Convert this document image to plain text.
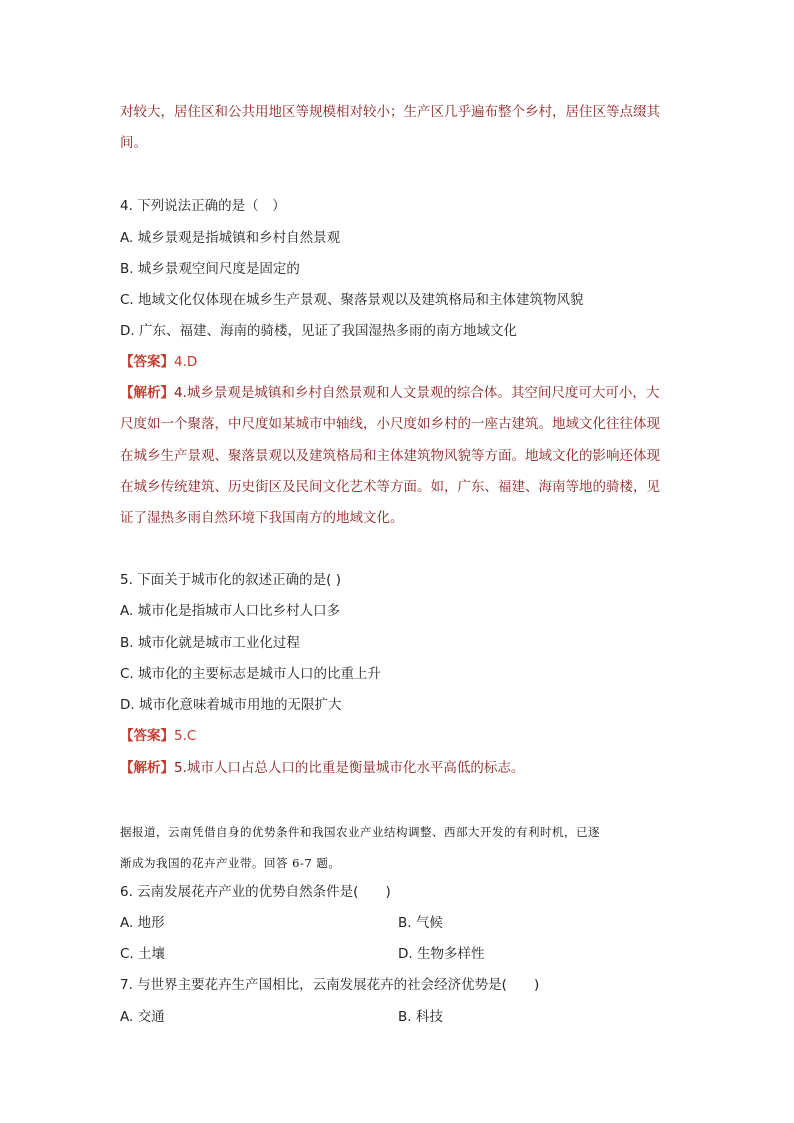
对较大，居住区和公共用地区等规模相对较小；生产区几乎遍布整个乡村，居住区等点缀其
间。
4. 下列说法正确的是（　）
A. 城乡景观是指城镇和乡村自然景观
B. 城乡景观空间尺度是固定的
C. 地域文化仅体现在城乡生产景观、聚落景观以及建筑格局和主体建筑物风貌
D. 广东、福建、海南的骑楼，见证了我国湿热多雨的南方地域文化
【答案】4.D
【解析】4.城乡景观是城镇和乡村自然景观和人文景观的综合体。其空间尺度可大可小，大
尺度如一个聚落，中尺度如某城市中轴线，小尺度如乡村的一座古建筑。地域文化往往体现
在城乡生产景观、聚落景观以及建筑格局和主体建筑物风貌等方面。地域文化的影响还体现
在城乡传统建筑、历史街区及民间文化艺术等方面。如，广东、福建、海南等地的骑楼，见
证了湿热多雨自然环境下我国南方的地域文化。
5. 下面关于城市化的叙述正确的是( )
A. 城市化是指城市人口比乡村人口多
B. 城市化就是城市工业化过程
C. 城市化的主要标志是城市人口的比重上升
D. 城市化意味着城市用地的无限扩大
【答案】5.C
【解析】5.城市人口占总人口的比重是衡量城市化水平高低的标志。
据报道，云南凭借自身的优势条件和我国农业产业结构调整、西部大开发的有利时机，已逐
渐成为我国的花卉产业带。回答 6-7 题。
6. 云南发展花卉产业的优势自然条件是(　　)
A. 地形	B. 气候
C. 土壤	D. 生物多样性
7. 与世界主要花卉生产国相比，云南发展花卉的社会经济优势是(　　)
A. 交通	B. 科技
